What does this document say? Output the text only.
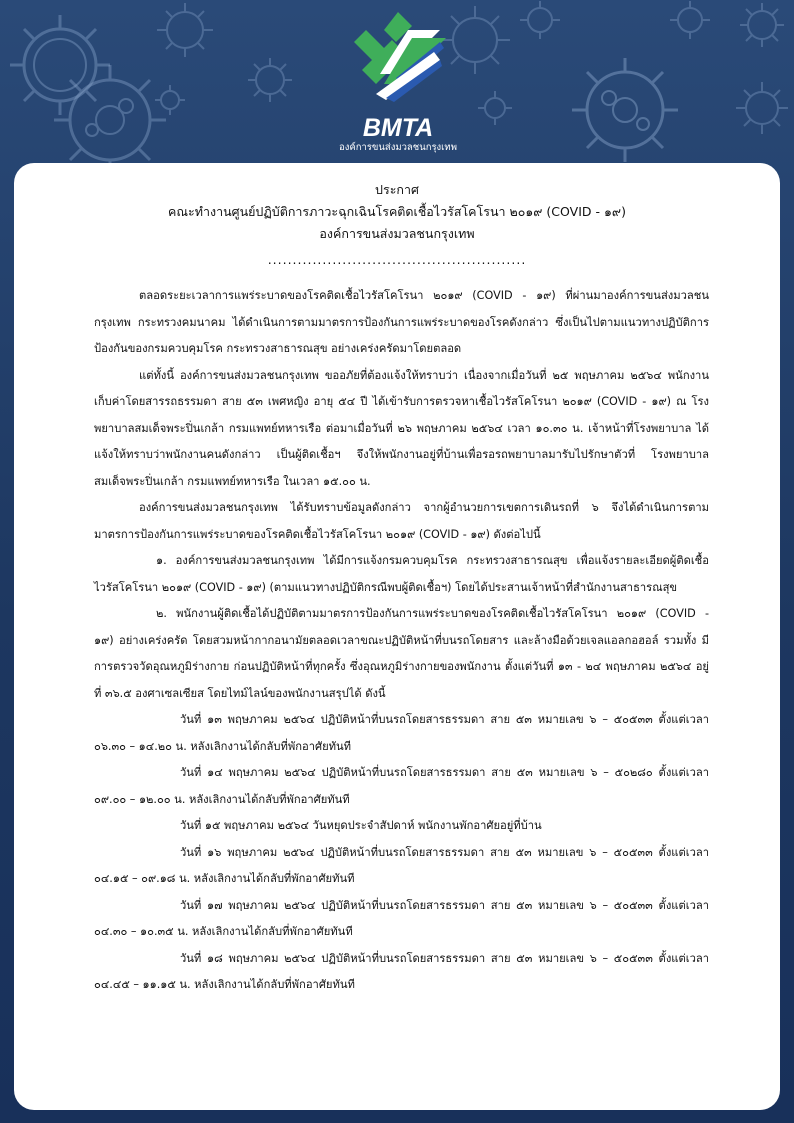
BMTA
องค์การขนส่งมวลชนกรุงเทพ
ประกาศ
คณะทำงานศูนย์ปฏิบัติการภาวะฉุกเฉินโรคติดเชื้อไวรัสโคโรนา ๒๐๑๙ (COVID - ๑๙)
องค์การขนส่งมวลชนกรุงเทพ
....................................................

ตลอดระยะเวลาการแพร่ระบาดของโรคติดเชื้อไวรัสโคโรนา ๒๐๑๙ (COVID - ๑๙) ที่ผ่านมาองค์การขนส่งมวลชนกรุงเทพ กระทรวงคมนาคม ได้ดำเนินการตามมาตรการป้องกันการแพร่ระบาดของโรคดังกล่าว ซึ่งเป็นไปตามแนวทางปฏิบัติการป้องกันของกรมควบคุมโรค กระทรวงสาธารณสุข อย่างเคร่งครัดมาโดยตลอด

แต่ทั้งนี้ องค์การขนส่งมวลชนกรุงเทพ ขออภัยที่ต้องแจ้งให้ทราบว่า เนื่องจากเมื่อวันที่ ๒๕ พฤษภาคม ๒๕๖๔ พนักงานเก็บค่าโดยสารรถธรรมดา สาย ๕๓ เพศหญิง อายุ ๕๔ ปี ได้เข้ารับการตรวจหาเชื้อไวรัสโคโรนา ๒๐๑๙ (COVID - ๑๙) ณ โรงพยาบาลสมเด็จพระปิ่นเกล้า กรมแพทย์ทหารเรือ ต่อมาเมื่อวันที่ ๒๖ พฤษภาคม ๒๕๖๔ เวลา ๑๐.๓๐ น. เจ้าหน้าที่โรงพยาบาล ได้แจ้งให้ทราบว่าพนักงานคนดังกล่าว เป็นผู้ติดเชื้อฯ จึงให้พนักงานอยู่ที่บ้านเพื่อรอรถพยาบาลมารับไปรักษาตัวที่ โรงพยาบาลสมเด็จพระปิ่นเกล้า กรมแพทย์ทหารเรือ ในเวลา ๑๕.๐๐ น.

องค์การขนส่งมวลชนกรุงเทพ ได้รับทราบข้อมูลดังกล่าว จากผู้อำนวยการเขตการเดินรถที่ ๖ จึงได้ดำเนินการตามมาตรการป้องกันการแพร่ระบาดของโรคติดเชื้อไวรัสโคโรนา ๒๐๑๙ (COVID - ๑๙) ดังต่อไปนี้

๑. องค์การขนส่งมวลชนกรุงเทพ ได้มีการแจ้งกรมควบคุมโรค กระทรวงสาธารณสุข เพื่อแจ้งรายละเอียดผู้ติดเชื้อไวรัสโคโรนา ๒๐๑๙ (COVID - ๑๙) (ตามแนวทางปฏิบัติกรณีพบผู้ติดเชื้อฯ) โดยได้ประสานเจ้าหน้าที่สำนักงานสาธารณสุข

๒. พนักงานผู้ติดเชื้อได้ปฏิบัติตามมาตรการป้องกันการแพร่ระบาดของโรคติดเชื้อไวรัสโคโรนา ๒๐๑๙ (COVID - ๑๙) อย่างเคร่งครัด โดยสวมหน้ากากอนามัยตลอดเวลาขณะปฏิบัติหน้าที่บนรถโดยสาร และล้างมือด้วยเจลแอลกอฮอล์ รวมทั้ง มีการตรวจวัดอุณหภูมิร่างกาย ก่อนปฏิบัติหน้าที่ทุกครั้ง ซึ่งอุณหภูมิร่างกายของพนักงาน ตั้งแต่วันที่ ๑๓ - ๒๔ พฤษภาคม ๒๕๖๔ อยู่ที่ ๓๖.๕ องศาเซลเซียส โดยไทม์ไลน์ของพนักงานสรุปได้ ดังนี้

วันที่ ๑๓ พฤษภาคม ๒๕๖๔ ปฏิบัติหน้าที่บนรถโดยสารธรรมดา สาย ๕๓ หมายเลข ๖ – ๕๐๕๓๓ ตั้งแต่เวลา ๐๖.๓๐ – ๑๔.๒๐ น. หลังเลิกงานได้กลับที่พักอาศัยทันที

วันที่ ๑๔ พฤษภาคม ๒๕๖๔ ปฏิบัติหน้าที่บนรถโดยสารธรรมดา สาย ๕๓ หมายเลข ๖ – ๕๐๒๘๐ ตั้งแต่เวลา ๐๙.๐๐ – ๑๒.๐๐ น. หลังเลิกงานได้กลับที่พักอาศัยทันที

วันที่ ๑๕ พฤษภาคม ๒๕๖๔ วันหยุดประจำสัปดาห์ พนักงานพักอาศัยอยู่ที่บ้าน

วันที่ ๑๖ พฤษภาคม ๒๕๖๔ ปฏิบัติหน้าที่บนรถโดยสารธรรมดา สาย ๕๓ หมายเลข ๖ – ๕๐๕๓๓ ตั้งแต่เวลา ๐๔.๑๕ – ๐๙.๑๘ น. หลังเลิกงานได้กลับที่พักอาศัยทันที

วันที่ ๑๗ พฤษภาคม ๒๕๖๔ ปฏิบัติหน้าที่บนรถโดยสารธรรมดา สาย ๕๓ หมายเลข ๖ – ๕๐๕๓๓ ตั้งแต่เวลา ๐๔.๓๐ – ๑๐.๓๕ น. หลังเลิกงานได้กลับที่พักอาศัยทันที

วันที่ ๑๘ พฤษภาคม ๒๕๖๔ ปฏิบัติหน้าที่บนรถโดยสารธรรมดา สาย ๕๓ หมายเลข ๖ – ๕๐๕๓๓ ตั้งแต่เวลา ๐๔.๔๕ – ๑๑.๑๕ น. หลังเลิกงานได้กลับที่พักอาศัยทันที
